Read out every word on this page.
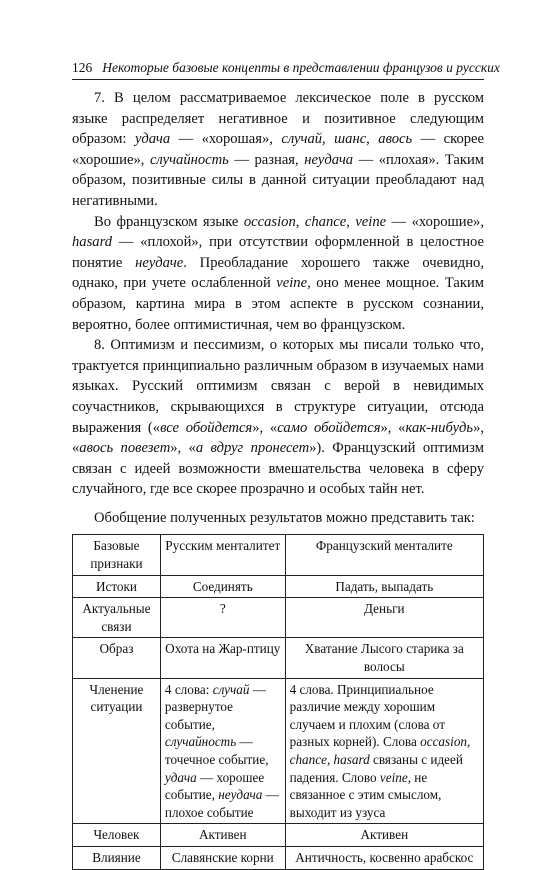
126 Некоторые базовые концепты в представлении французов и русских

7. В целом рассматриваемое лексическое поле в русском языке распределяет негативное и позитивное следующим образом: удача — «хорошая», случай, шанс, авось — скорее «хорошие», случайность — разная, неудача — «плохая». Таким образом, позитивные силы в данной ситуации преобладают над негативными.

Во французском языке occasion, chance, veine — «хорошие», hasard — «плохой», при отсутствии оформленной в целостное понятие неудаче. Преобладание хорошего также очевидно, однако, при учете ослабленной veine, оно менее мощное. Таким образом, картина мира в этом аспекте в русском сознании, вероятно, более оптимистичная, чем во французском.

8. Оптимизм и пессимизм, о которых мы писали только что, трактуется принципиально различным образом в изучаемых нами языках. Русский оптимизм связан с верой в невидимых соучастников, скрывающихся в структуре ситуации, отсюда выражения («все обойдется», «само обойдется», «как-нибудь», «авось повезет», «а вдруг пронесет»). Французский оптимизм связан с идеей возможности вмешательства человека в сферу случайного, где все скорее прозрачно и особых тайн нет.

Обобщение полученных результатов можно представить так:
Базовые признаки	Русским менталитет	Французский менталите
Истоки	Соединять	Падать, выпадать
Актуальные связи	?	Деньги
Образ	Охота на Жар-птицу	Хватание Лысого старика за волосы
Членение ситуации	4 слова: случай — развернутое событие, случайность — точечное событие, удача — хорошее событие, неудача — плохое событие	4 слова. Принципиальное различие между хорошим случаем и плохим (слова от разных корней). Слова occasion, chance, hasard связаны с идеей падения. Слово veine, не связанное с этим смыслом, выходит из узуса
Человек	Активен	Активен
Влияние	Славянские корни	Античность, косвенно арабскос
